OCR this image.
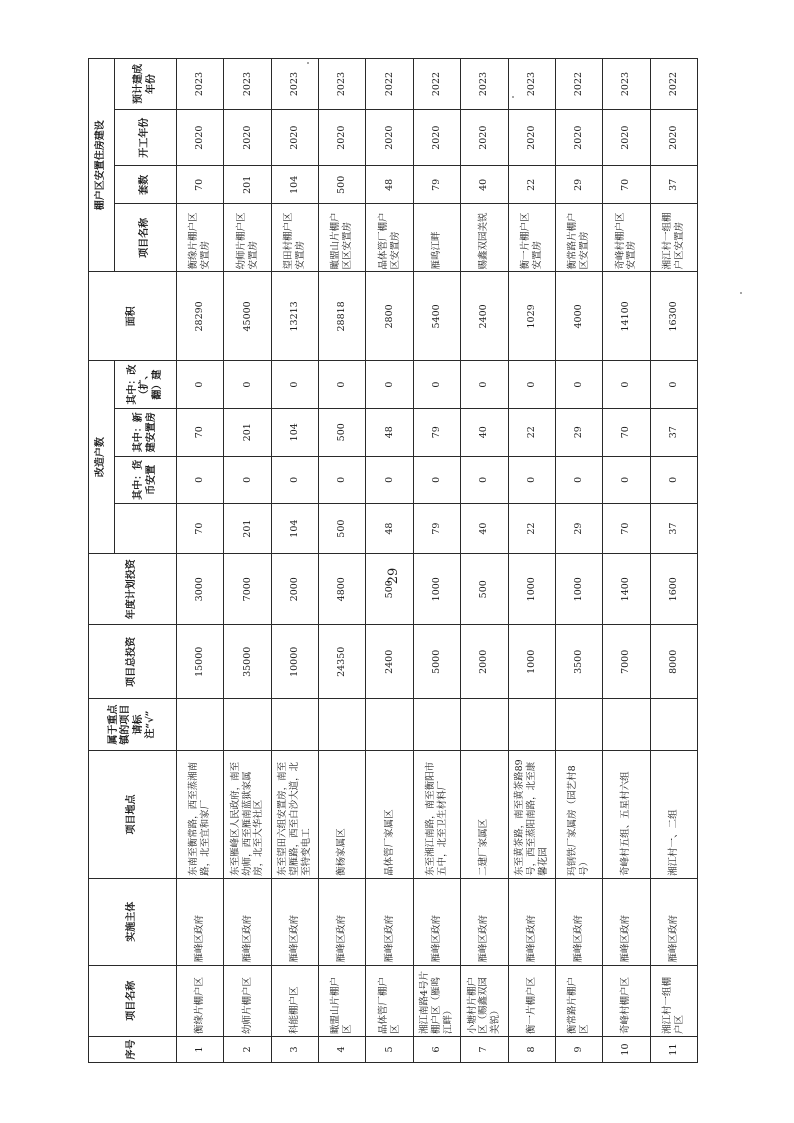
序号	项目名称	实施主体	项目地点	属于重点镇的项目请标注“√”	项目总投资	年度计划投资	改造户数				面积	棚户区安置住房建设			
								其中：货币安置	其中：新建安置房	其中：改（扩、翻）建		项目名称	套数	开工年份	预计建成年份

1	衡缘片棚户区	雁峰区政府	东南至衡常路，西至蒸湘南路，北至宜和家厂		15000	3000	70	0	70	0	28290	衡缘片棚户区安置房	70	2020	2023
2	幼师片棚户区	雁峰区政府	东至雁峰区人民政府，南至幼师，西至雁南蓝狱家属房，北至大华社区		35000	7000	201	0	201	0	45000	幼师片棚户区安置房	201	2020	2023
3	科能棚户区	雁峰区政府	东至望田六组安置房，南至望雁路，西至白沙大道，北至特变电工		10000	2000	104	0	104	0	13213	望田村棚户区安置房	104	2020	2023
4	瞰盟山片棚户区	雁峰区政府	衡杨家属区		24350	4800	500	0	500	0	28818	瞰盟山片棚户区区安置房	500	2020	2023
5	晶体管厂棚户区	雁峰区政府	晶体管厂家属区		2400	500	48	0	48	0	2800	晶体管厂棚户区安置房	48	2020	2022
6	湘江南路4号片棚户区（雁鸣江畔）	雁峰区政府	东至湘江南路，南至衡阳市五中，北至卫生材料厂		5000	1000	79	0	79	0	5400	雁鸣江畔	79	2020	2022
7	小塘村片棚户区（赐鑫双园美锐）	雁峰区政府	二建厂家属区		2000	500	40	0	40	0	2400	赐鑫双园美锐	40	2020	2023
8	衡一片棚户区	雁峰区政府	东至黄茶路，南至黄茶路89号，西至蒸阳南路，北至康馨花园		1000	1000	22	0	22	0	1029	衡一片棚户区安置房	22	2020	2023
9	衡常路片棚户区	雁峰区政府	玛钢铁厂家属房（园艺村8号）		3500	1000	29	0	29	0	4000	衡常路片棚户区安置房	29	2020	2022
10	奇峰村棚户区	雁峰区政府	奇峰村五组、五星村六组		7000	1400	70	0	70	0	14100	奇峰村棚户区安置房	70	2020	2023
11	湘江村一组棚户区	雁峰区政府	湘江村一、二组		8000	1600	37	0	37	0	16300	湘江村一组棚户区安置房	37	2020	2022
29
